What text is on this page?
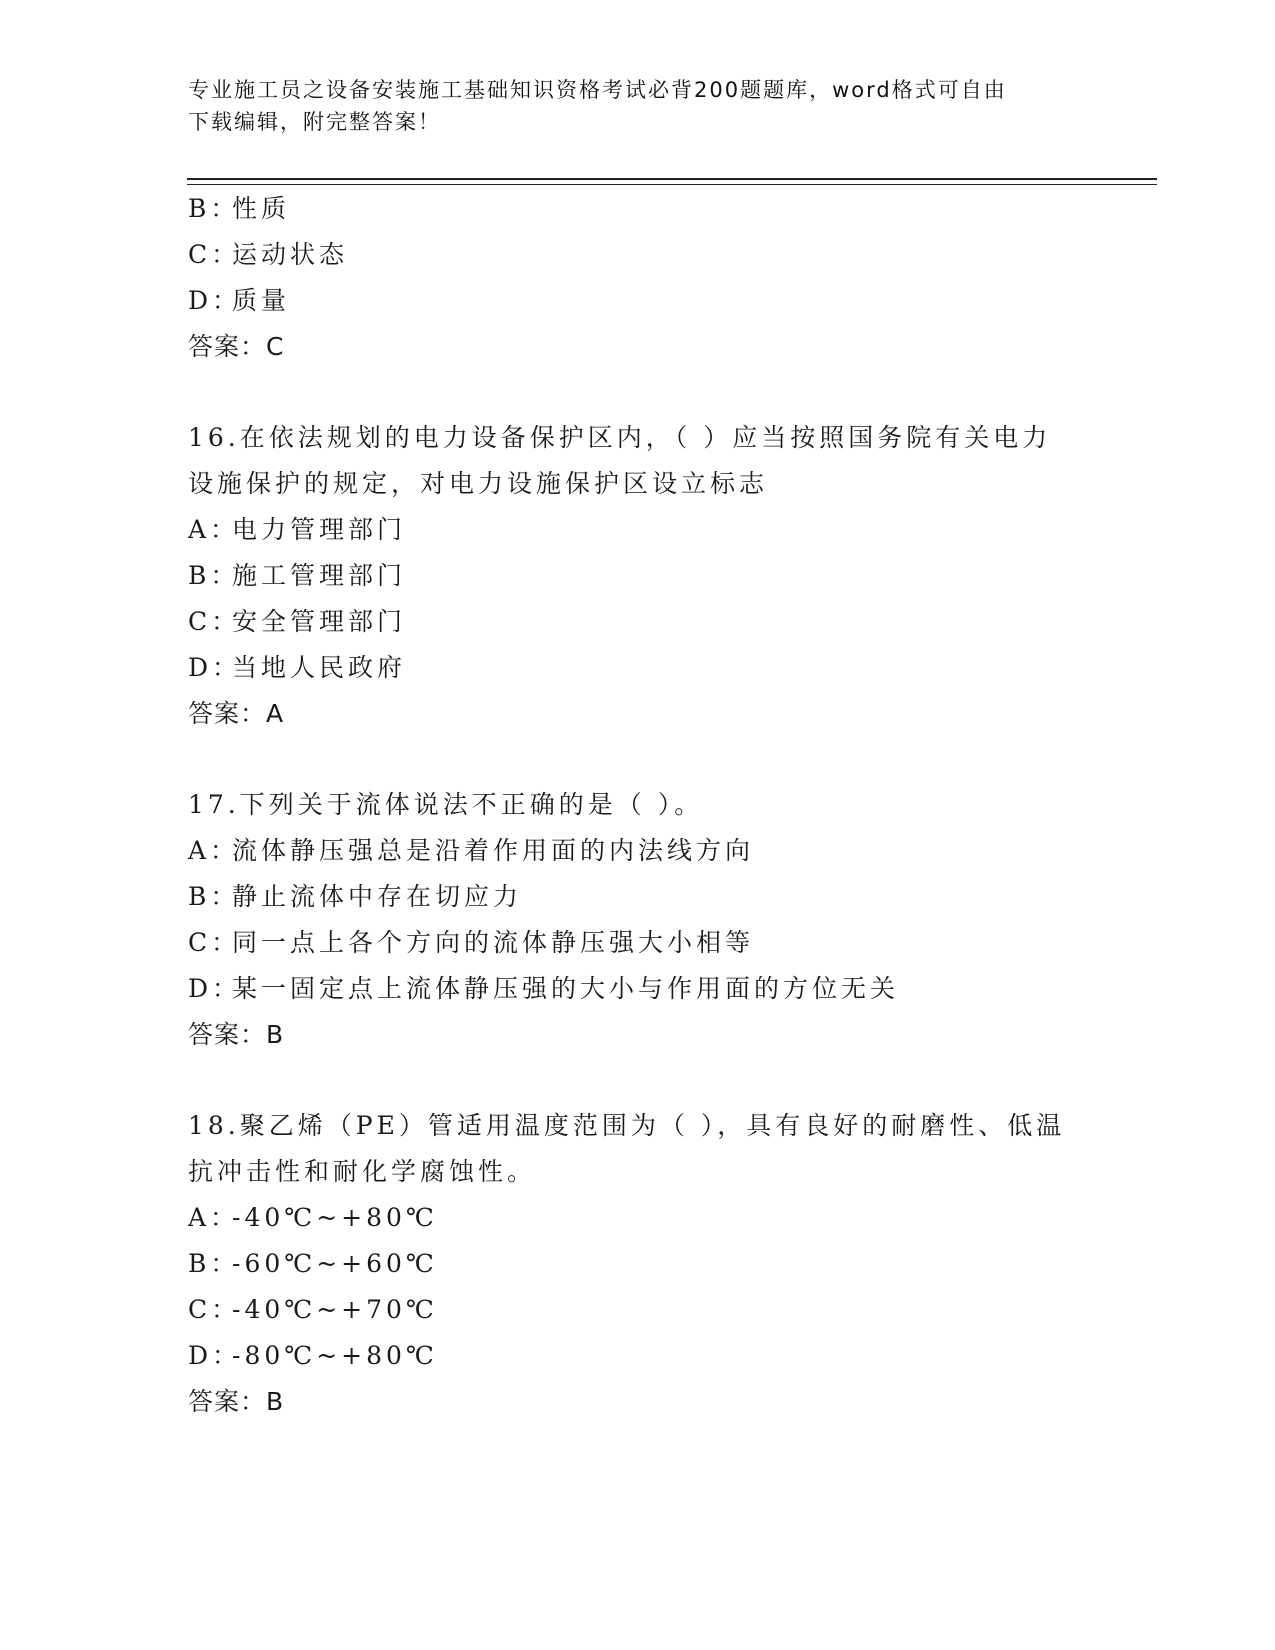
专业施工员之设备安装施工基础知识资格考试必背200题题库，word格式可自由
下载编辑，附完整答案！
B：
性质
C：
运动状态
D：
质量
答案：C
16.在依法规划的电力设备保护区内，（ ）应当按照国务院有关电力
设施保护的规定，对电力设施保护区设立标志
A：
电力管理部门
B：
施工管理部门
C：
安全管理部门
D：
当地人民政府
答案：A
17.下列关于流体说法不正确的是（ ）。
A：
流体静压强总是沿着作用面的内法线方向
B：
静止流体中存在切应力
C：
同一点上各个方向的流体静压强大小相等
D：
某一固定点上流体静压强的大小与作用面的方位无关
答案：B
18.聚乙烯（PE）管适用温度范围为（ ），具有良好的耐磨性、低温
抗冲击性和耐化学腐蚀性。
A：
-40℃~+80℃
B：
-60℃~+60℃
C：
-40℃~+70℃
D：
-80℃~+80℃
答案：B
